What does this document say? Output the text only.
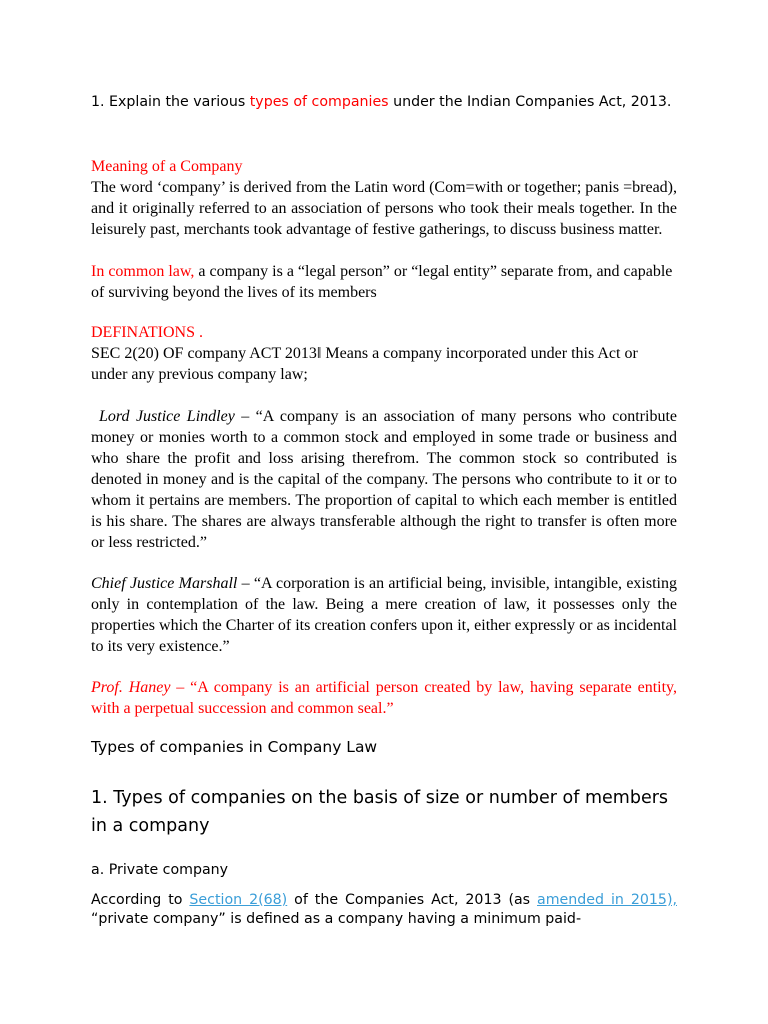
1. Explain the various types of companies under the Indian Companies Act, 2013.
Meaning of a Company
The word ‘company’ is derived from the Latin word (Com=with or together; panis =bread), and it originally referred to an association of persons who took their meals together. In the leisurely past, merchants took advantage of festive gatherings, to discuss business matter.
In common law, a company is a “legal person” or “legal entity” separate from, and capable of surviving beyond the lives of its members
DEFINATIONS .
SEC 2(20) OF company ACT 2013‖ Means a company incorporated under this Act or under any previous company law;
Lord Justice Lindley – “A company is an association of many persons who contribute money or monies worth to a common stock and employed in some trade or business and who share the profit and loss arising therefrom. The common stock so contributed is denoted in money and is the capital of the company. The persons who contribute to it or to whom it pertains are members. The proportion of capital to which each member is entitled is his share. The shares are always transferable although the right to transfer is often more or less restricted.”
Chief Justice Marshall – “A corporation is an artificial being, invisible, intangible, existing only in contemplation of the law. Being a mere creation of law, it possesses only the properties which the Charter of its creation confers upon it, either expressly or as incidental to its very existence.”
Prof. Haney – “A company is an artificial person created by law, having separate entity, with a perpetual succession and common seal.”
Types of companies in Company Law
1. Types of companies on the basis of size or number of members in a company
a. Private company
According to Section 2(68) of the Companies Act, 2013 (as amended in 2015), “private company” is defined as a company having a minimum paid-
